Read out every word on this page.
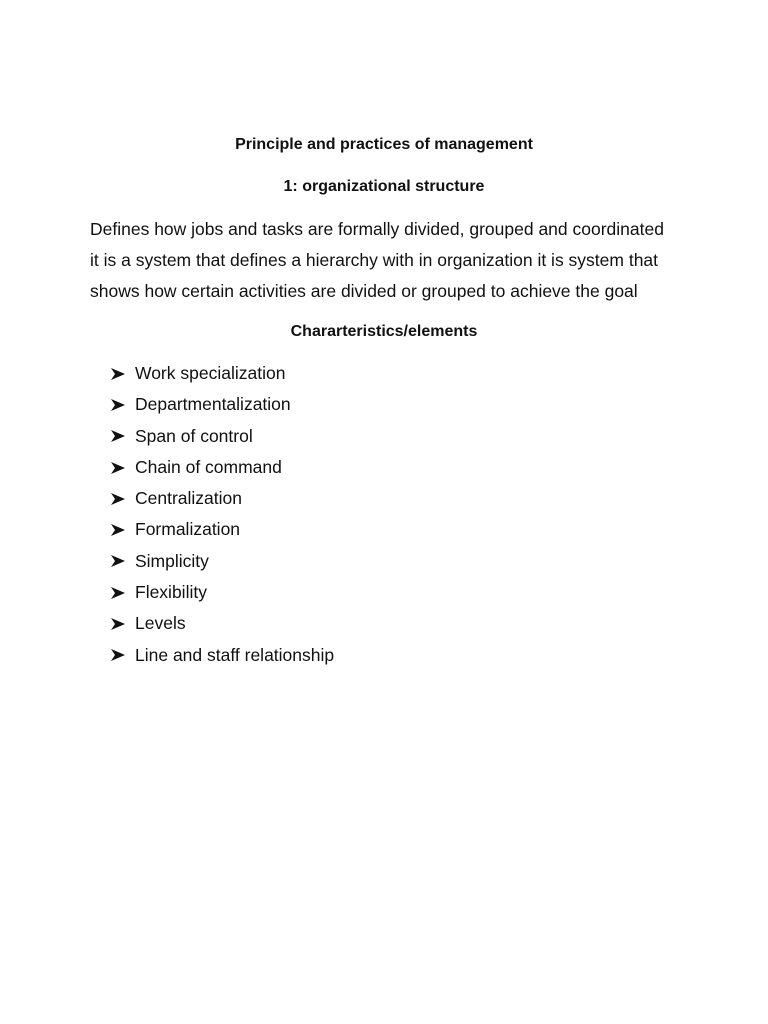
Principle and practices of management
1: organizational structure
Defines how jobs and tasks are formally divided, grouped and coordinated
it is a system that defines a hierarchy with in organization it is system that
shows how certain activities are divided or grouped to achieve the goal
Chararteristics/elements
Work specialization
Departmentalization
Span of control
Chain of command
Centralization
Formalization
Simplicity
Flexibility
Levels
Line and staff relationship
